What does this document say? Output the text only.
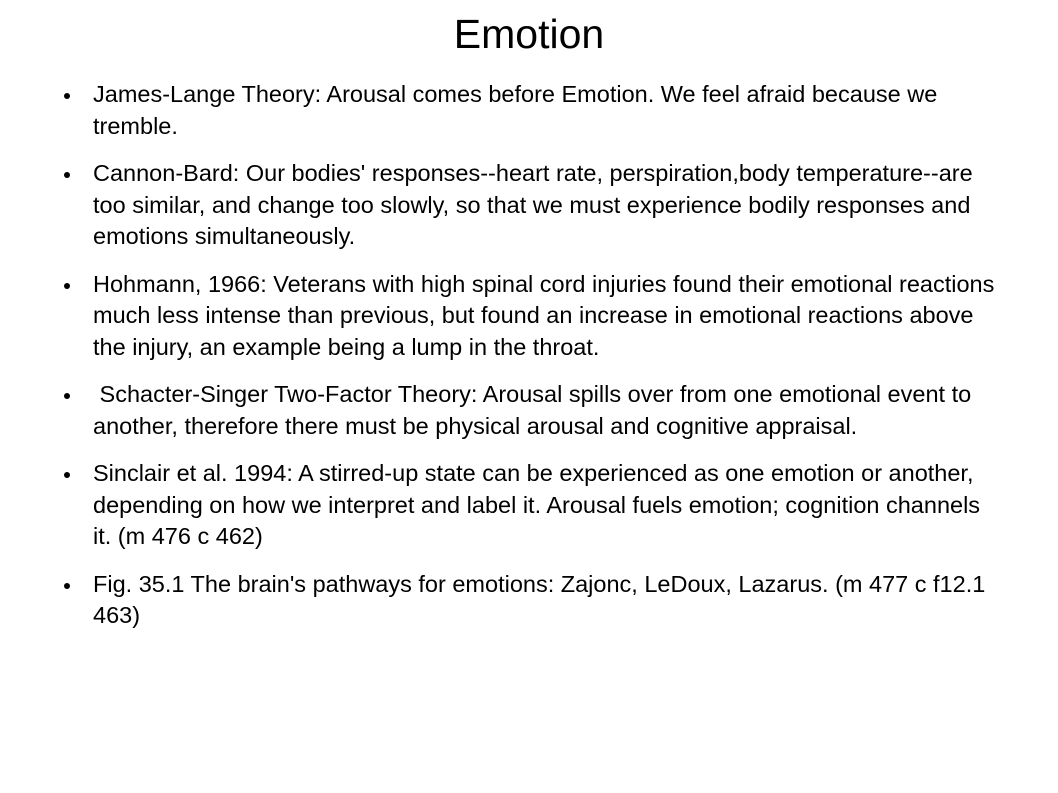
Emotion
James-Lange Theory: Arousal comes before Emotion. We feel afraid because we tremble.
Cannon-Bard: Our bodies' responses--heart rate, perspiration,body temperature--are too similar, and change too slowly, so that we must experience bodily responses and emotions simultaneously.
Hohmann, 1966: Veterans with high spinal cord injuries found their emotional reactions much less intense than previous, but found an increase in emotional reactions above the injury, an example being a lump in the throat.
Schacter-Singer Two-Factor Theory: Arousal spills over from one emotional event to another, therefore there must be physical arousal and cognitive appraisal.
Sinclair et al. 1994: A stirred-up state can be experienced as one emotion or another, depending on how we interpret and label it. Arousal fuels emotion; cognition channels it. (m 476 c 462)
Fig. 35.1 The brain's pathways for emotions: Zajonc, LeDoux, Lazarus. (m 477 c f12.1 463)
